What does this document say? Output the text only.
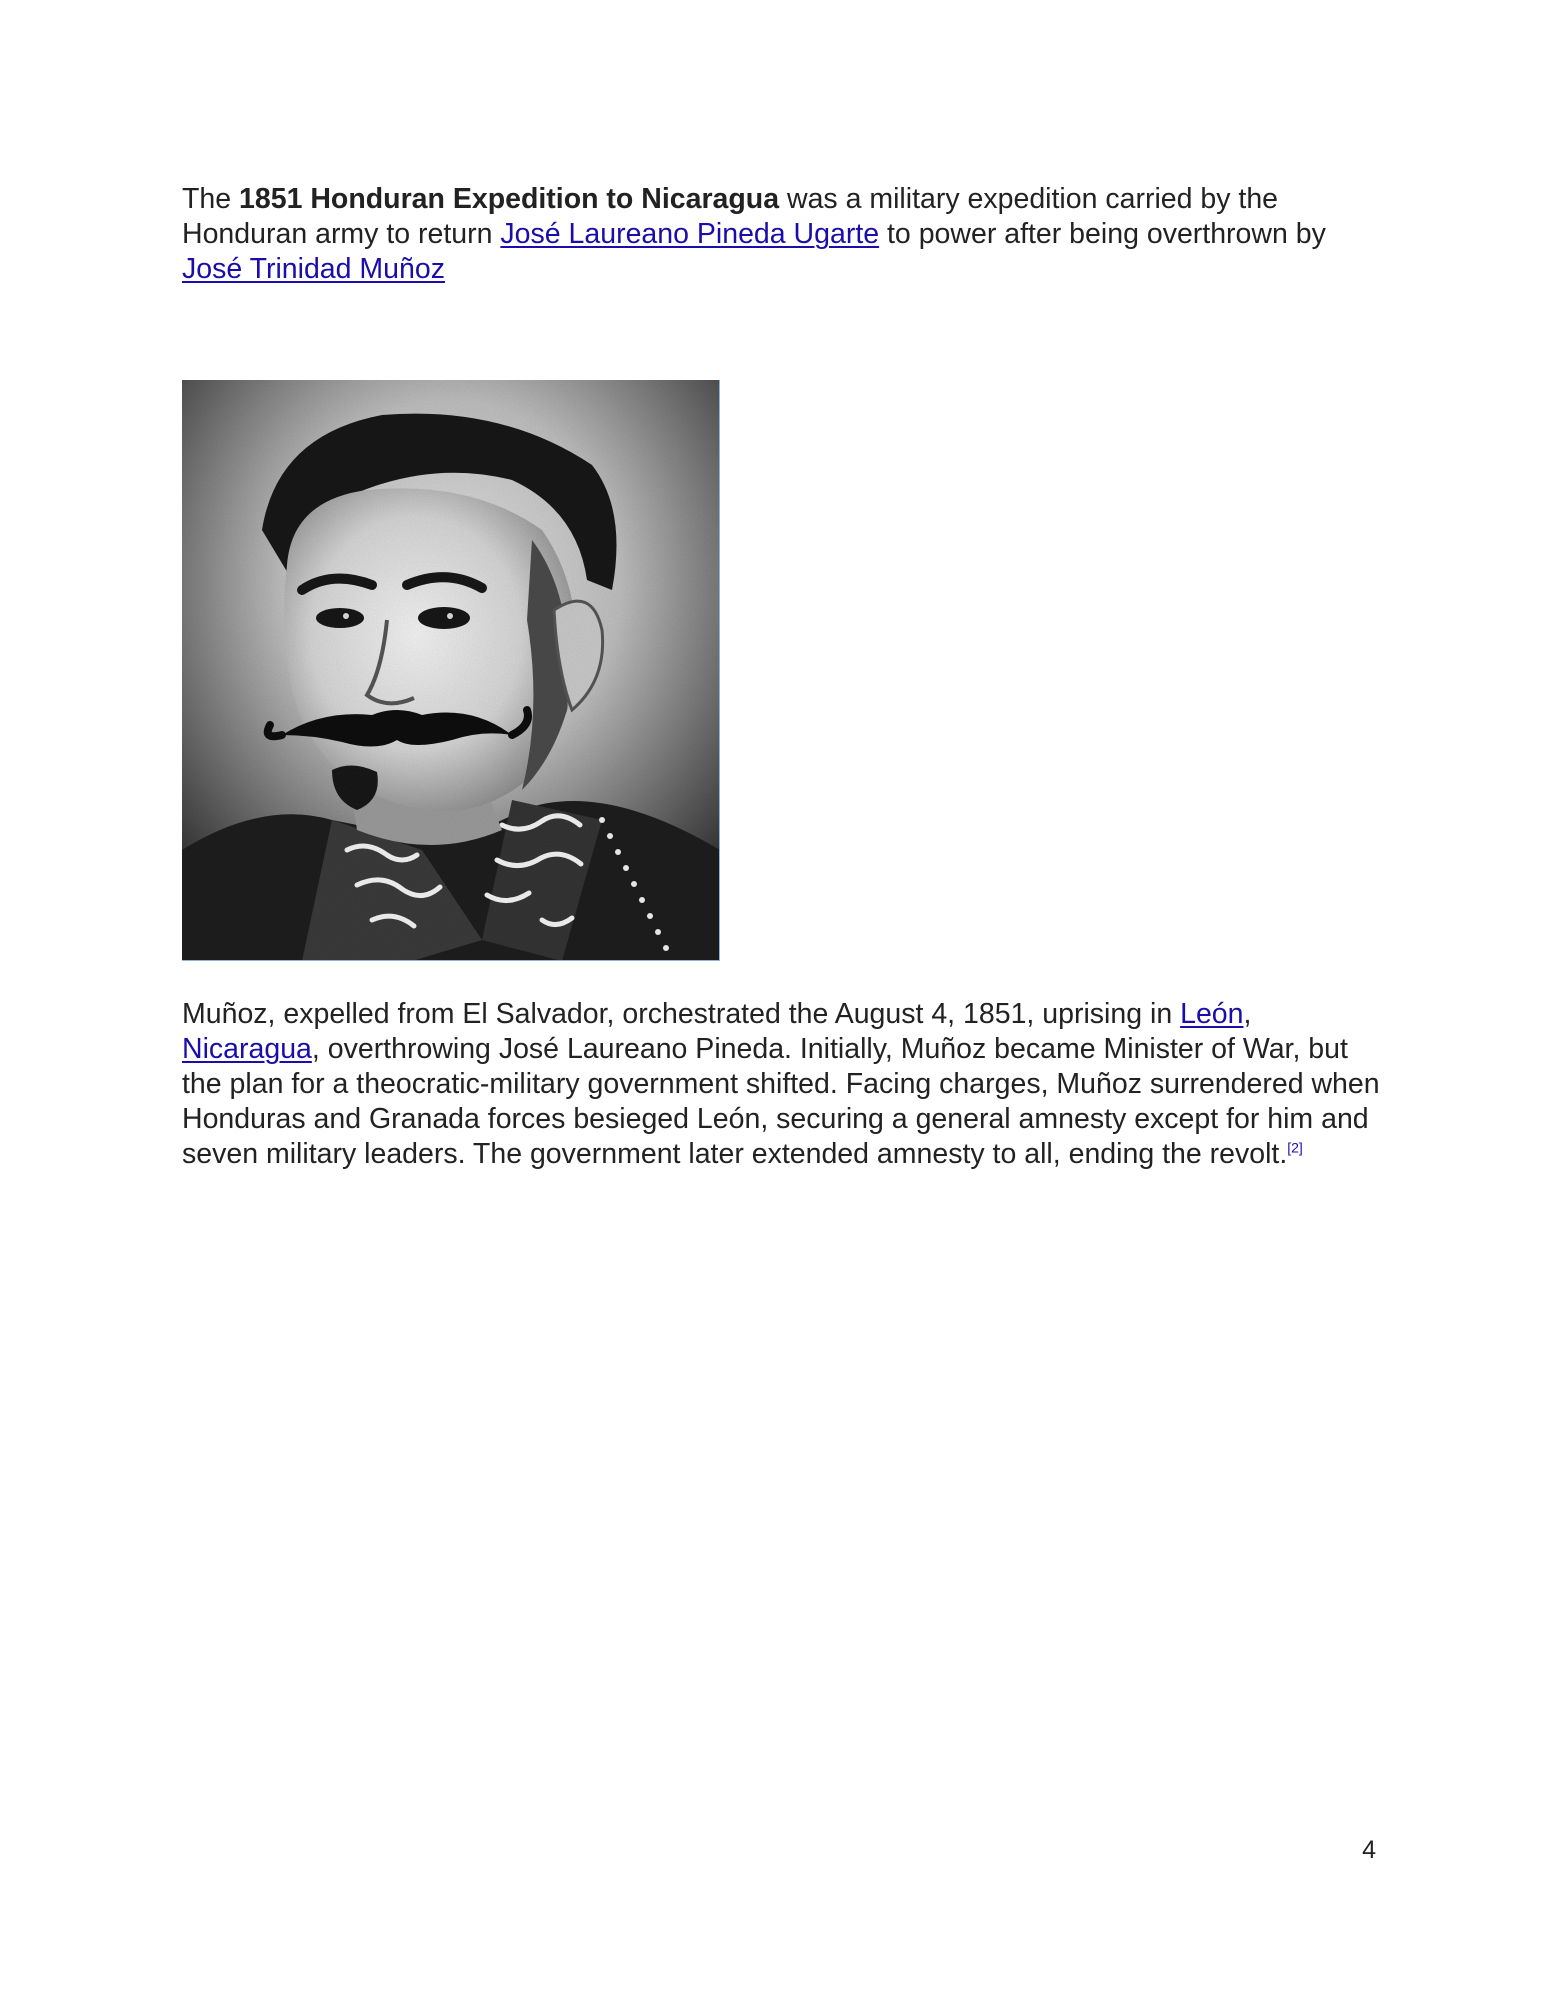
The 1851 Honduran Expedition to Nicaragua was a military expedition carried by the Honduran army to return José Laureano Pineda Ugarte to power after being overthrown by José Trinidad Muñoz

Muñoz, expelled from El Salvador, orchestrated the August 4, 1851, uprising in León, Nicaragua, overthrowing José Laureano Pineda. Initially, Muñoz became Minister of War, but the plan for a theocratic-military government shifted. Facing charges, Muñoz surrendered when Honduras and Granada forces besieged León, securing a general amnesty except for him and seven military leaders. The government later extended amnesty to all, ending the revolt.[2]

4
